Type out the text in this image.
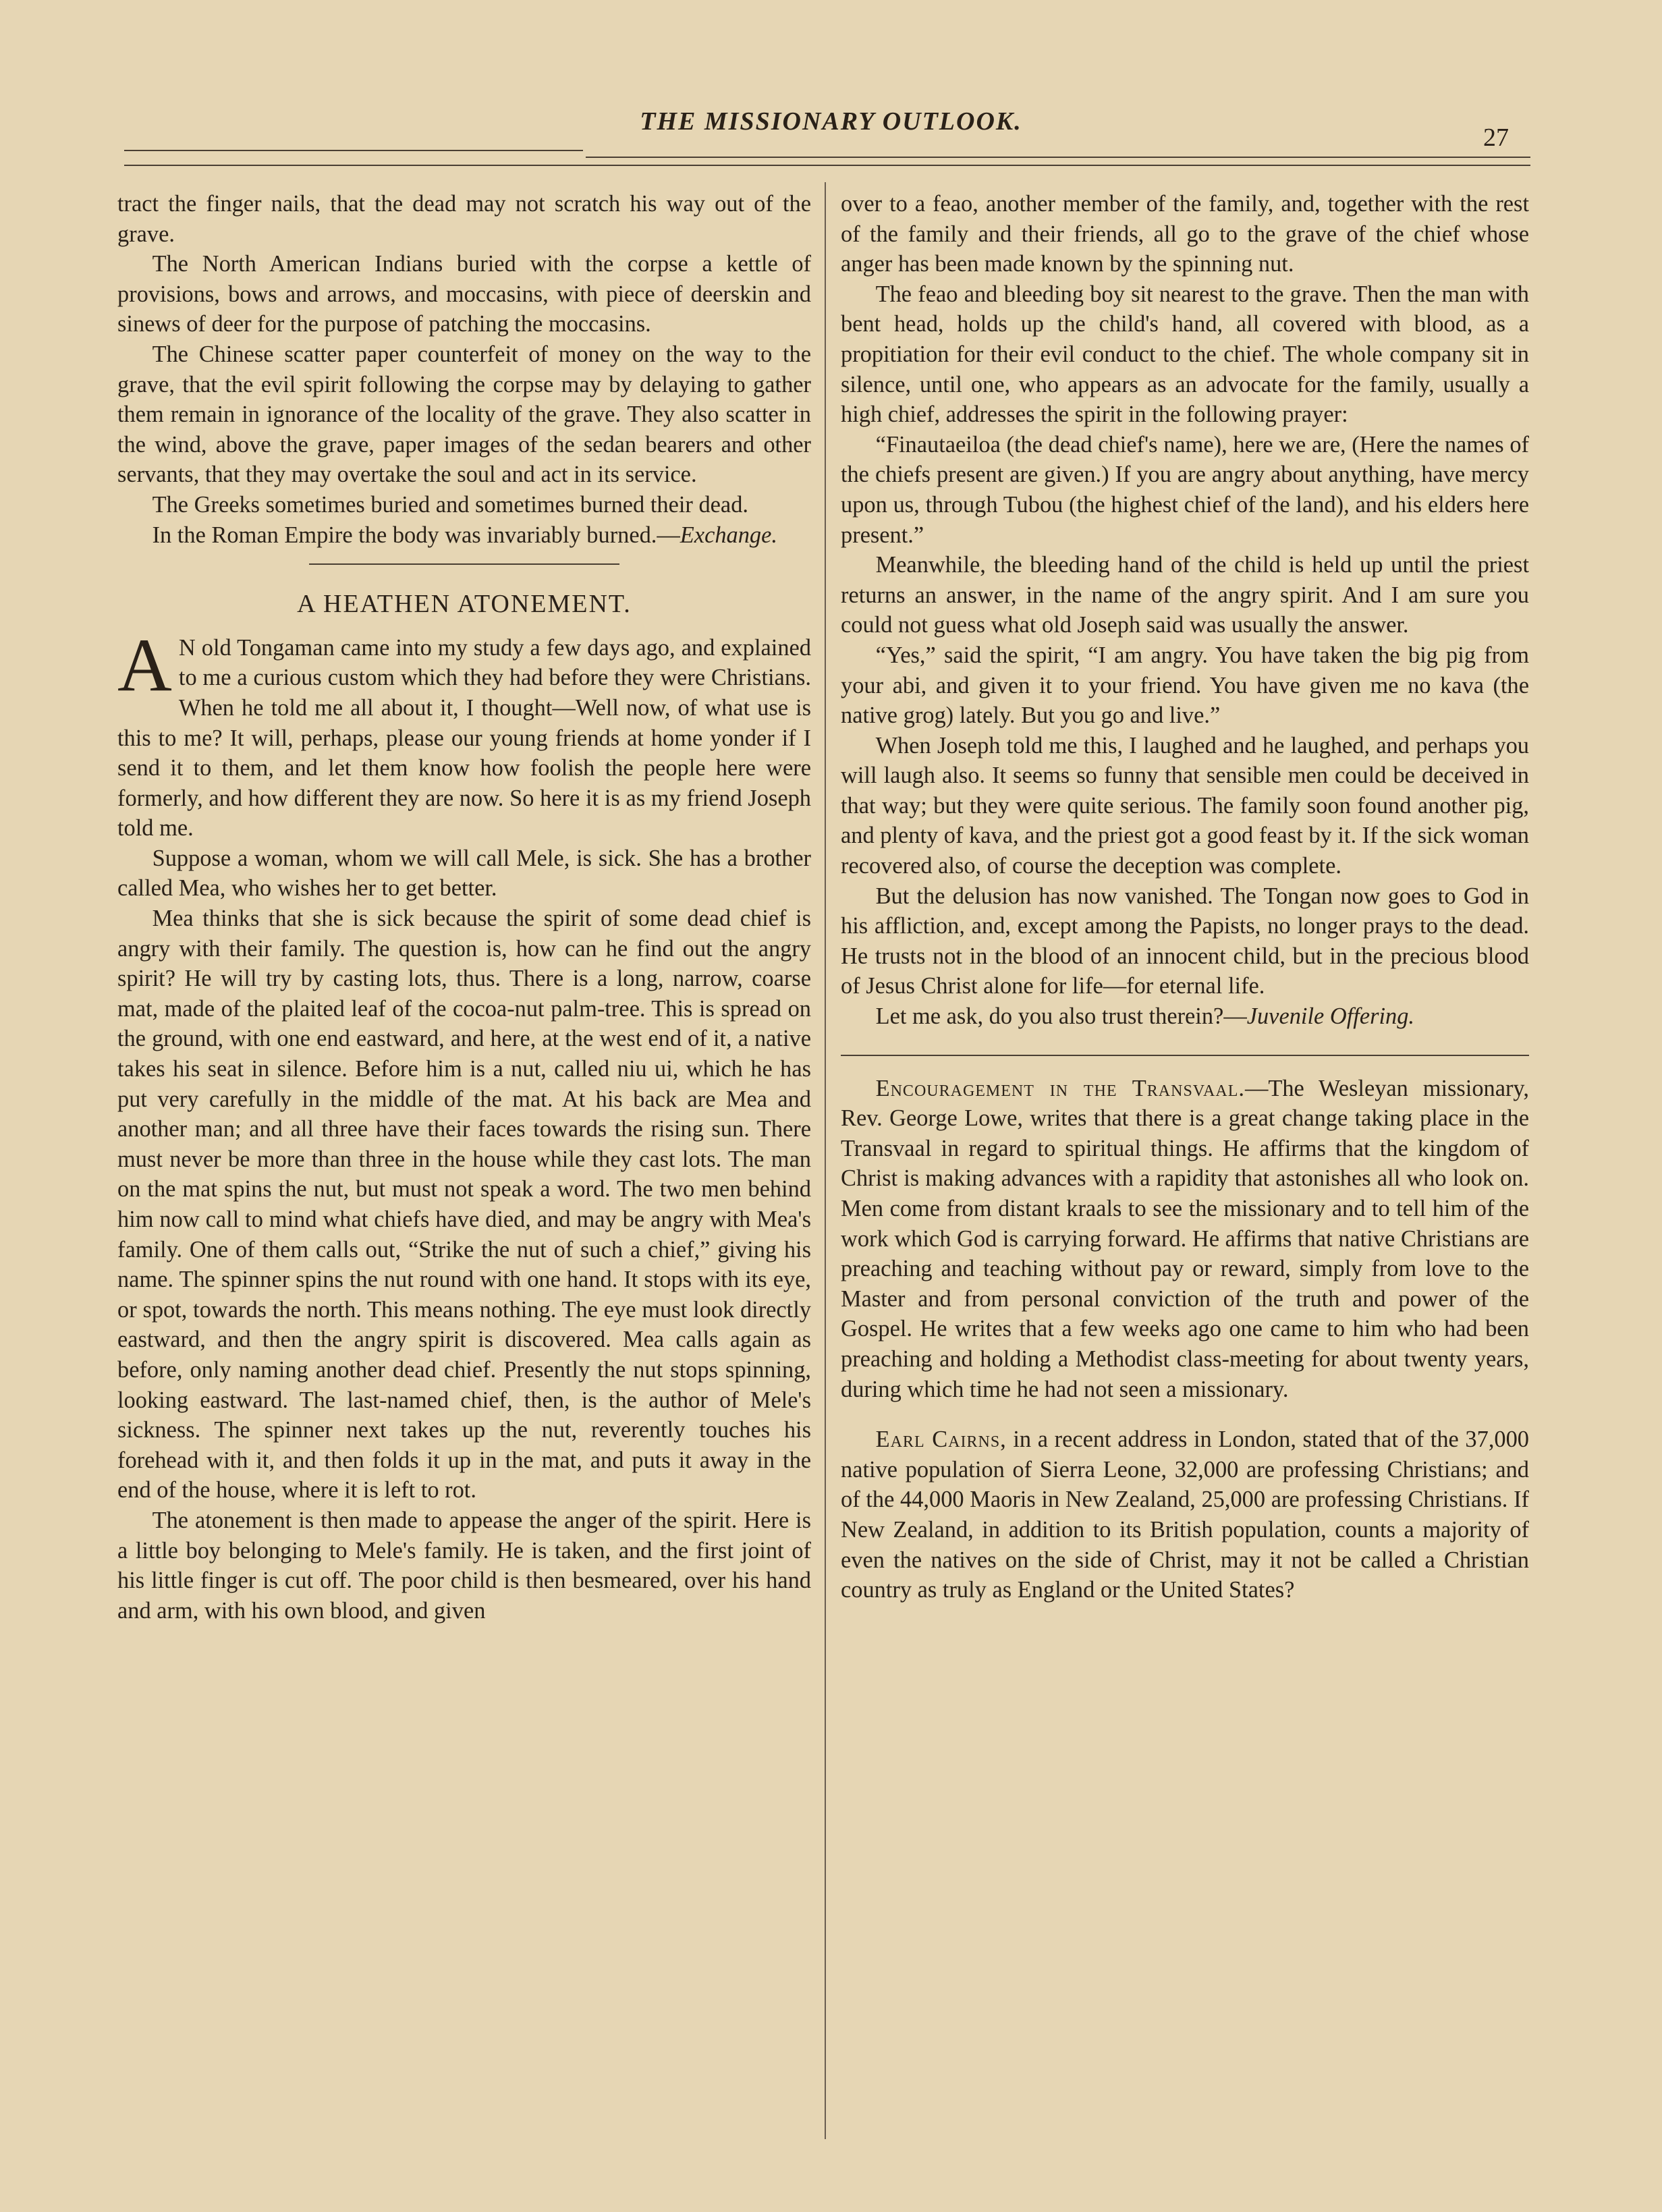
THE MISSIONARY OUTLOOK.
27

tract the finger nails, that the dead may not scratch his way out of the grave.

The North American Indians buried with the corpse a kettle of provisions, bows and arrows, and moccasins, with piece of deerskin and sinews of deer for the purpose of patching the moccasins.

The Chinese scatter paper counterfeit of money on the way to the grave, that the evil spirit following the corpse may by delaying to gather them remain in ignorance of the locality of the grave. They also scatter in the wind, above the grave, paper images of the sedan bearers and other servants, that they may overtake the soul and act in its service.

The Greeks sometimes buried and sometimes burned their dead.

In the Roman Empire the body was invariably burned.—Exchange.

A HEATHEN ATONEMENT.

A N old Tongaman came into my study a few days ago, and explained to me a curious custom which they had before they were Christians. When he told me all about it, I thought—Well now, of what use is this to me? It will, perhaps, please our young friends at home yonder if I send it to them, and let them know how foolish the people here were formerly, and how different they are now. So here it is as my friend Joseph told me.

Suppose a woman, whom we will call Mele, is sick. She has a brother called Mea, who wishes her to get better.

Mea thinks that she is sick because the spirit of some dead chief is angry with their family. The question is, how can he find out the angry spirit? He will try by casting lots, thus. There is a long, narrow, coarse mat, made of the plaited leaf of the cocoa-nut palm-tree. This is spread on the ground, with one end eastward, and here, at the west end of it, a native takes his seat in silence. Before him is a nut, called niu ui, which he has put very carefully in the middle of the mat. At his back are Mea and another man; and all three have their faces towards the rising sun. There must never be more than three in the house while they cast lots. The man on the mat spins the nut, but must not speak a word. The two men behind him now call to mind what chiefs have died, and may be angry with Mea's family. One of them calls out, “Strike the nut of such a chief,” giving his name. The spinner spins the nut round with one hand. It stops with its eye, or spot, towards the north. This means nothing. The eye must look directly eastward, and then the angry spirit is discovered. Mea calls again as before, only naming another dead chief. Presently the nut stops spinning, looking eastward. The last-named chief, then, is the author of Mele's sickness. The spinner next takes up the nut, reverently touches his forehead with it, and then folds it up in the mat, and puts it away in the end of the house, where it is left to rot.

The atonement is then made to appease the anger of the spirit. Here is a little boy belonging to Mele's family. He is taken, and the first joint of his little finger is cut off. The poor child is then besmeared, over his hand and arm, with his own blood, and given

over to a feao, another member of the family, and, together with the rest of the family and their friends, all go to the grave of the chief whose anger has been made known by the spinning nut.

The feao and bleeding boy sit nearest to the grave. Then the man with bent head, holds up the child's hand, all covered with blood, as a propitiation for their evil conduct to the chief. The whole company sit in silence, until one, who appears as an advocate for the family, usually a high chief, addresses the spirit in the following prayer:

“Finautaeiloa (the dead chief's name), here we are, (Here the names of the chiefs present are given.) If you are angry about anything, have mercy upon us, through Tubou (the highest chief of the land), and his elders here present.”

Meanwhile, the bleeding hand of the child is held up until the priest returns an answer, in the name of the angry spirit. And I am sure you could not guess what old Joseph said was usually the answer.

“Yes,” said the spirit, “I am angry. You have taken the big pig from your abi, and given it to your friend. You have given me no kava (the native grog) lately. But you go and live.”

When Joseph told me this, I laughed and he laughed, and perhaps you will laugh also. It seems so funny that sensible men could be deceived in that way; but they were quite serious. The family soon found another pig, and plenty of kava, and the priest got a good feast by it. If the sick woman recovered also, of course the deception was complete.

But the delusion has now vanished. The Tongan now goes to God in his affliction, and, except among the Papists, no longer prays to the dead. He trusts not in the blood of an innocent child, but in the precious blood of Jesus Christ alone for life—for eternal life.

Let me ask, do you also trust therein?—Juvenile Offering.

Encouragement in the Transvaal.—The Wesleyan missionary, Rev. George Lowe, writes that there is a great change taking place in the Transvaal in regard to spiritual things. He affirms that the kingdom of Christ is making advances with a rapidity that astonishes all who look on. Men come from distant kraals to see the missionary and to tell him of the work which God is carrying forward. He affirms that native Christians are preaching and teaching without pay or reward, simply from love to the Master and from personal conviction of the truth and power of the Gospel. He writes that a few weeks ago one came to him who had been preaching and holding a Methodist class-meeting for about twenty years, during which time he had not seen a missionary.

Earl Cairns, in a recent address in London, stated that of the 37,000 native population of Sierra Leone, 32,000 are professing Christians; and of the 44,000 Maoris in New Zealand, 25,000 are professing Christians. If New Zealand, in addition to its British population, counts a majority of even the natives on the side of Christ, may it not be called a Christian country as truly as England or the United States?
